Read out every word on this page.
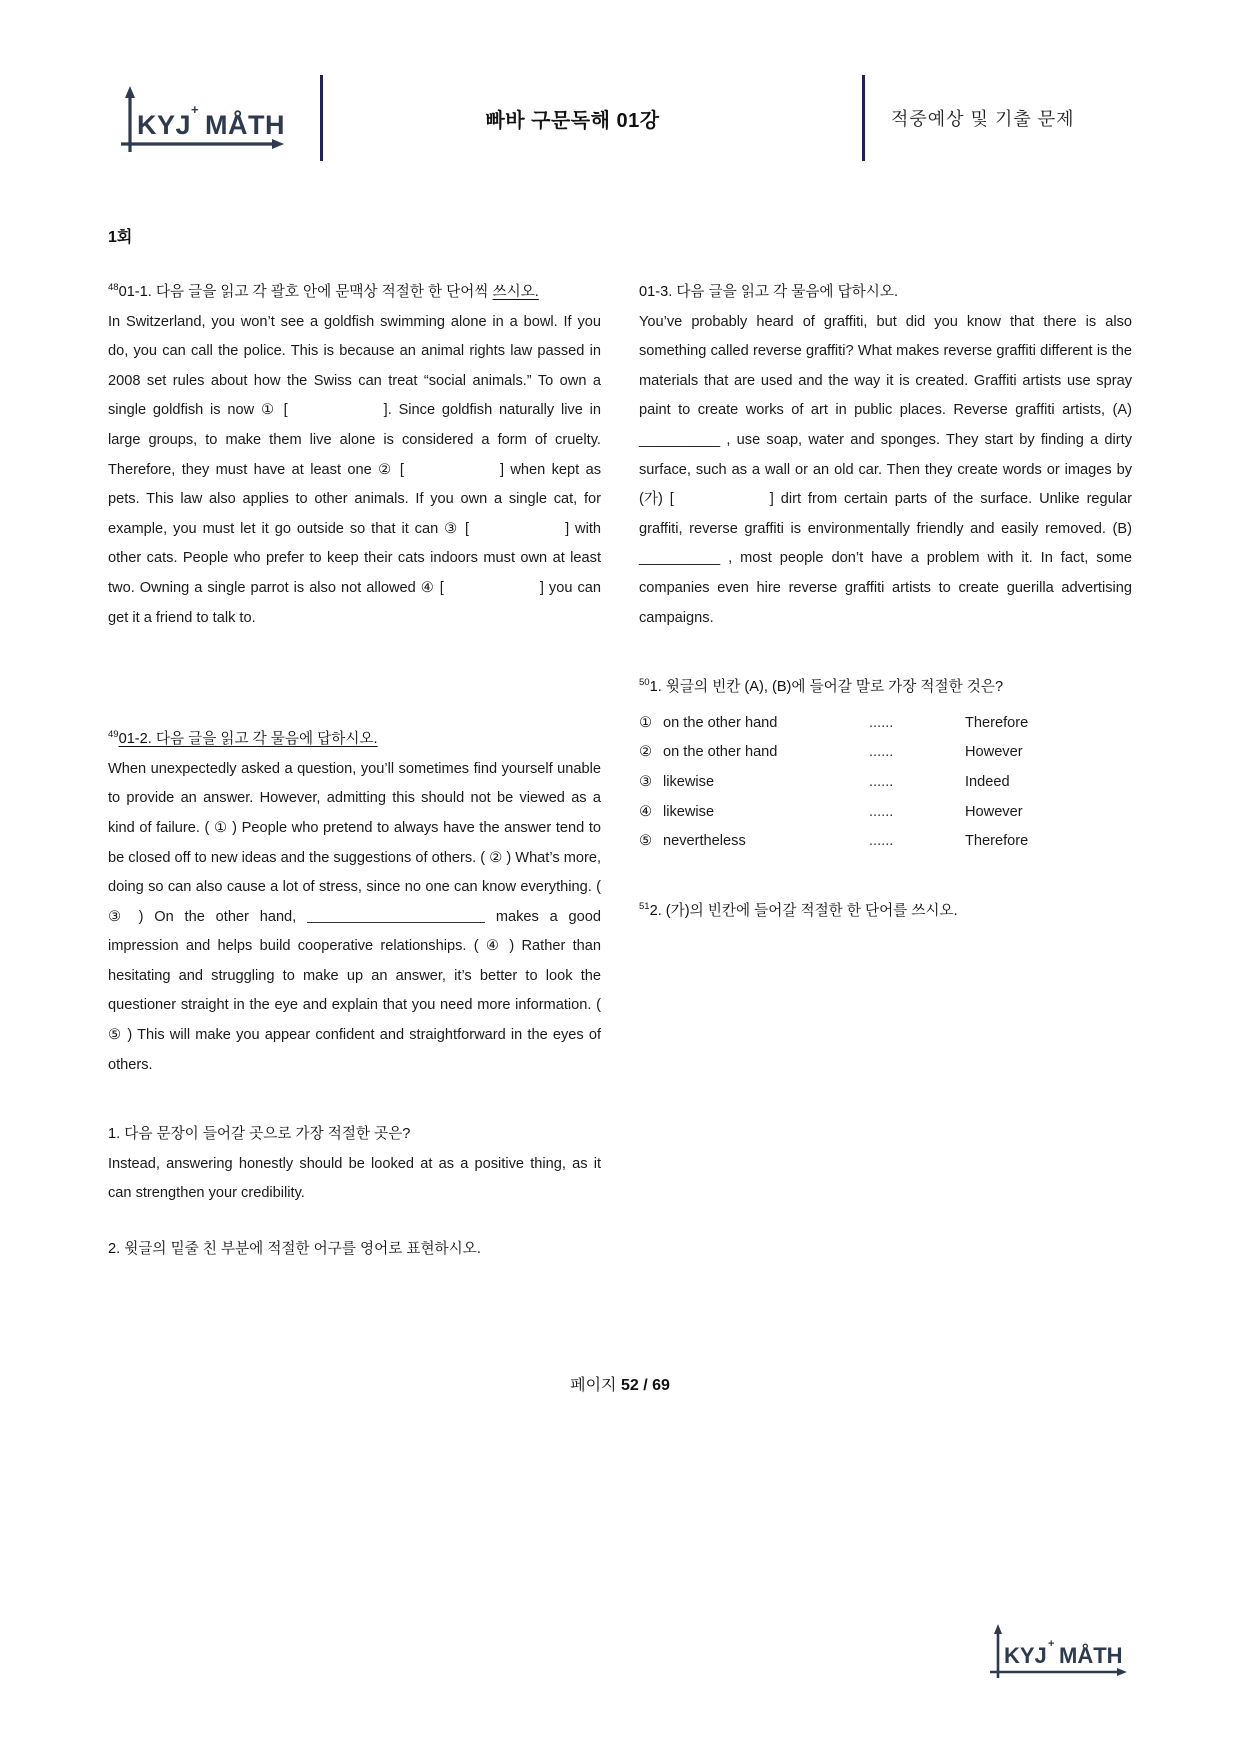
KYJ MÅTH
+	빠바 구문독해 01강	적중예상 및 기출 문제
1회
$^{48}$01-1. 다음 글을 읽고 각 괄호 안에 문맥상 적절한 한 단어씩 쓰시오.

In Switzerland, you won’t see a goldfish swimming alone in a bowl. If you do, you can call the police. This is because an animal rights law passed in 2008 set rules about how the Swiss can treat “social animals.” To own a single goldfish is now ① [	]. Since goldfish naturally live in large groups, to make them live alone is considered a form of cruelty. Therefore, they must have at least one ② [	] when kept as pets. This law also applies to other animals. If you own a single cat, for example, you must let it go outside so that it can ③ [	] with other cats. People who prefer to keep their cats indoors must own at least two. Owning a single parrot is also not allowed ④ [	] you can get it a friend to talk to.

$^{49}$01-2. 다음 글을 읽고 각 물음에 답하시오.

When unexpectedly asked a question, you’ll sometimes find yourself unable to provide an answer. However, admitting this should not be viewed as a kind of failure. ( ① ) People who pretend to always have the answer tend to be closed off to new ideas and the suggestions of others. ( ② ) What’s more, doing so can also cause a lot of stress, since no one can know everything. ( ③ ) On the other hand,	makes a good impression and helps build cooperative relationships. ( ④ ) Rather than hesitating and struggling to make up an answer, it’s better to look the questioner straight in the eye and explain that you need more information. ( ⑤ ) This will make you appear confident and straightforward in the eyes of others.

1. 다음 문장이 들어갈 곳으로 가장 적절한 곳은?

Instead, answering honestly should be looked at as a positive thing, as it can strengthen your credibility.

2. 윗글의 밑줄 친 부분에 적절한 어구를 영어로 표현하시오.
01-3. 다음 글을 읽고 각 물음에 답하시오.

You’ve probably heard of graffiti, but did you know that there is also something called reverse graffiti? What makes reverse graffiti different is the materials that are used and the way it is created. Graffiti artists use spray paint to create works of art in public places. Reverse graffiti artists, (A) __________ , use soap, water and sponges. They start by finding a dirty surface, such as a wall or an old car. Then they create words or images by (가) [	] dirt from certain parts of the surface. Unlike regular graffiti, reverse graffiti is environmentally friendly and easily removed. (B) __________ , most people don’t have a problem with it. In fact, some companies even hire reverse graffiti artists to create guerilla advertising campaigns.

$^{50}$1. 윗글의 빈칸 (A), (B)에 들어갈 말로 가장 적절한 것은?
① on the other hand	......	Therefore
② on the other hand	......	However
③ likewise	......	Indeed
④ likewise	......	However
⑤ nevertheless	......	Therefore
$^{51}$2. (가)의 빈칸에 들어갈 적절한 한 단어를 쓰시오.
페이지 52 / 69
KYJ MÅTH
+
